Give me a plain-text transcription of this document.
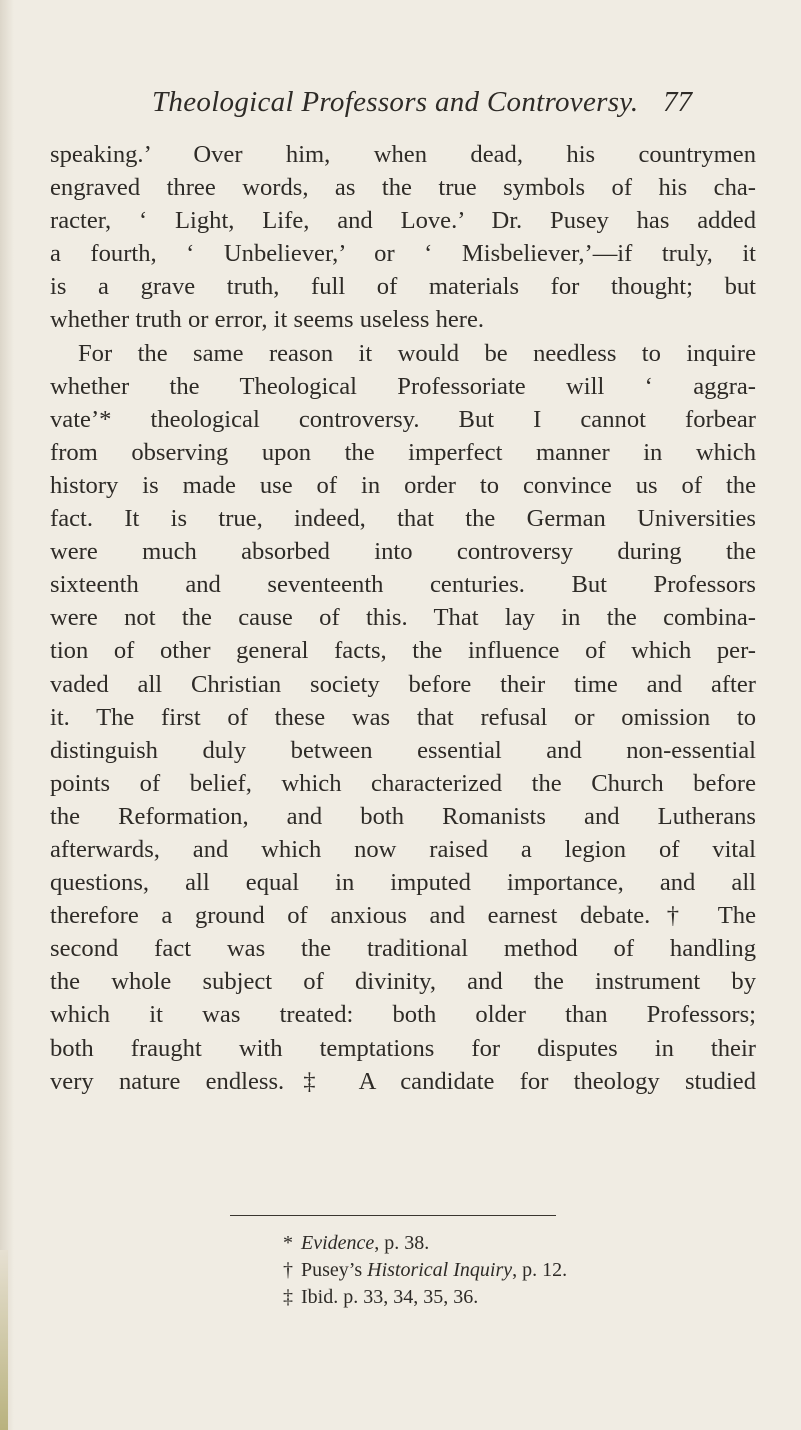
Theological Professors and Controversy. 77
speaking.’ Over him, when dead, his countrymen
engraved three words, as the true symbols of his cha-
racter, ‘ Light, Life, and Love.’ Dr. Pusey has added
a fourth, ‘ Unbeliever,’ or ‘ Misbeliever,’—if truly, it
is a grave truth, full of materials for thought; but
whether truth or error, it seems useless here.
For the same reason it would be needless to inquire
whether the Theological Professoriate will ‘ aggra-
vate’* theological controversy. But I cannot forbear
from observing upon the imperfect manner in which
history is made use of in order to convince us of the
fact. It is true, indeed, that the German Universities
were much absorbed into controversy during the
sixteenth and seventeenth centuries. But Professors
were not the cause of this. That lay in the combina-
tion of other general facts, the influence of which per-
vaded all Christian society before their time and after
it. The first of these was that refusal or omission to
distinguish duly between essential and non-essential
points of belief, which characterized the Church before
the Reformation, and both Romanists and Lutherans
afterwards, and which now raised a legion of vital
questions, all equal in imputed importance, and all
therefore a ground of anxious and earnest debate.† The
second fact was the traditional method of handling
the whole subject of divinity, and the instrument by
which it was treated: both older than Professors;
both fraught with temptations for disputes in their
very nature endless.‡ A candidate for theology studied
* Evidence, p. 38.
† Pusey’s Historical Inquiry, p. 12.
‡ Ibid. p. 33, 34, 35, 36.
